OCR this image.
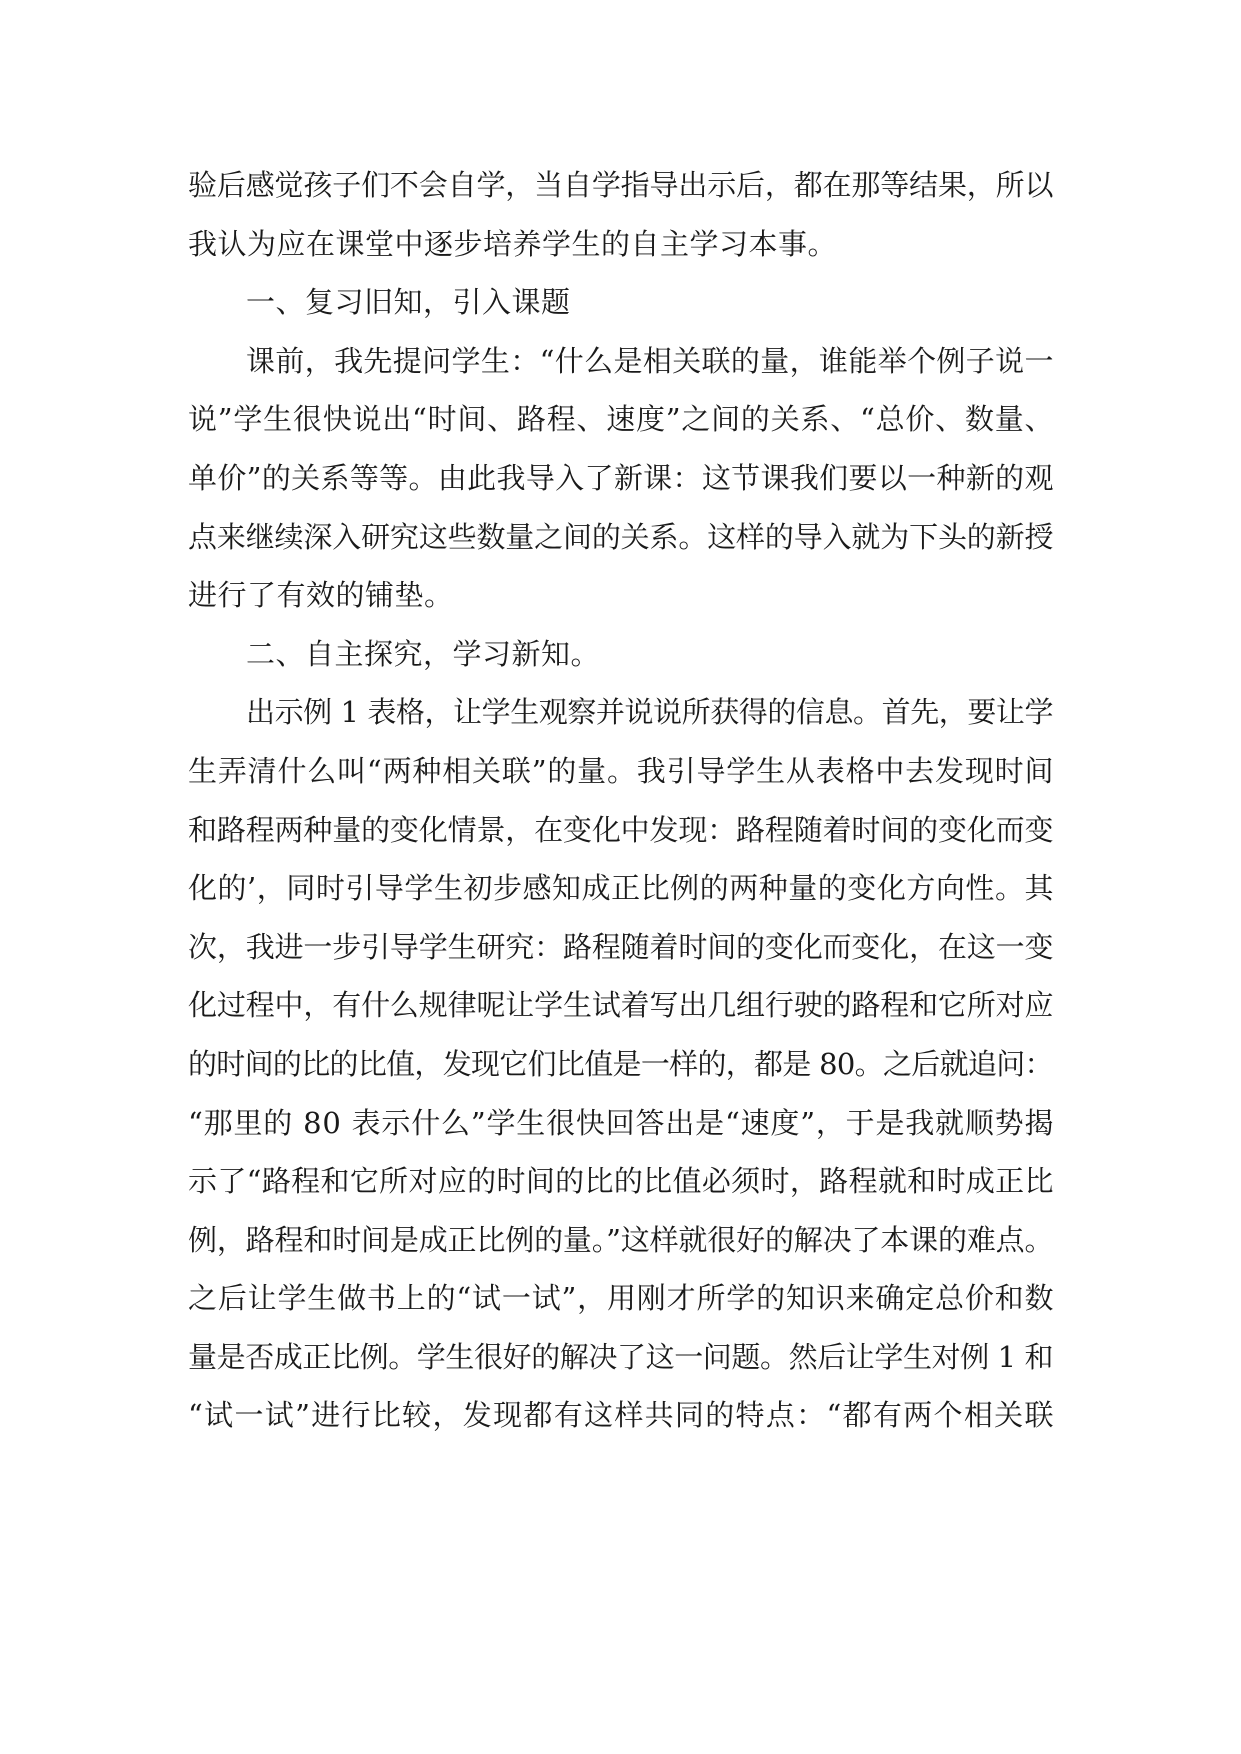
验后感觉孩子们不会自学，当自学指导出示后，都在那等结果，所以
我认为应在课堂中逐步培养学生的自主学习本事。
一、复习旧知，引入课题
课前，我先提问学生：“什么是相关联的量，谁能举个例子说一
说”学生很快说出“时间、路程、速度”之间的关系、“总价、数量、
单价”的关系等等。由此我导入了新课：这节课我们要以一种新的观
点来继续深入研究这些数量之间的关系。这样的导入就为下头的新授
进行了有效的铺垫。
二、自主探究，学习新知。
出示例 1 表格，让学生观察并说说所获得的信息。首先，要让学
生弄清什么叫“两种相关联”的量。我引导学生从表格中去发现时间
和路程两种量的变化情景，在变化中发现：路程随着时间的变化而变
化的’，同时引导学生初步感知成正比例的两种量的变化方向性。其
次，我进一步引导学生研究：路程随着时间的变化而变化，在这一变
化过程中，有什么规律呢让学生试着写出几组行驶的路程和它所对应
的时间的比的比值，发现它们比值是一样的，都是 80。之后就追问：
“那里的 80 表示什么”学生很快回答出是“速度”，于是我就顺势揭
示了“路程和它所对应的时间的比的比值必须时，路程就和时成正比
例，路程和时间是成正比例的量。”这样就很好的解决了本课的难点。
之后让学生做书上的“试一试”，用刚才所学的知识来确定总价和数
量是否成正比例。学生很好的解决了这一问题。然后让学生对例 1 和
“试一试”进行比较，发现都有这样共同的特点：“都有两个相关联
